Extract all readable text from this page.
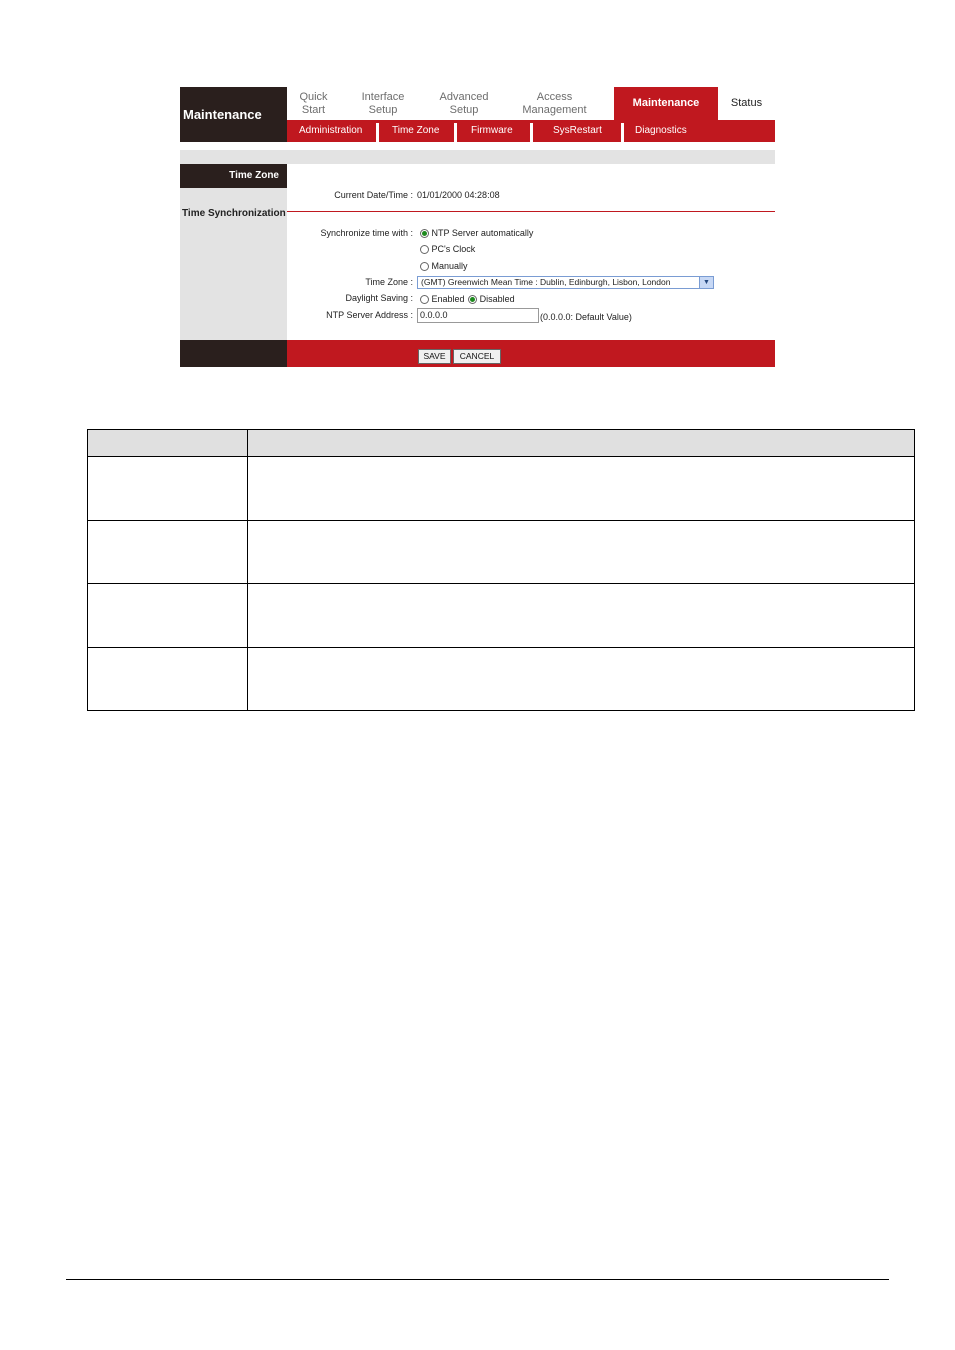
Maintenance
Quick
Start
Interface
Setup
Advanced
Setup
Access
Management
Maintenance	Status
Administration	Time Zone	Firmware	SysRestart	Diagnostics
Time Zone
Time Synchronization
Current Date/Time : 01/01/2000 04:28:08
Synchronize time with :	NTP Server automatically
PC's Clock
Manually
Time Zone : (GMT) Greenwich Mean Time : Dublin, Edinburgh, Lisbon, London	▼
Daylight Saving :	Enabled Disabled
NTP Server Address : 0.0.0.0	(0.0.0.0: Default Value)
SAVE	CANCEL
